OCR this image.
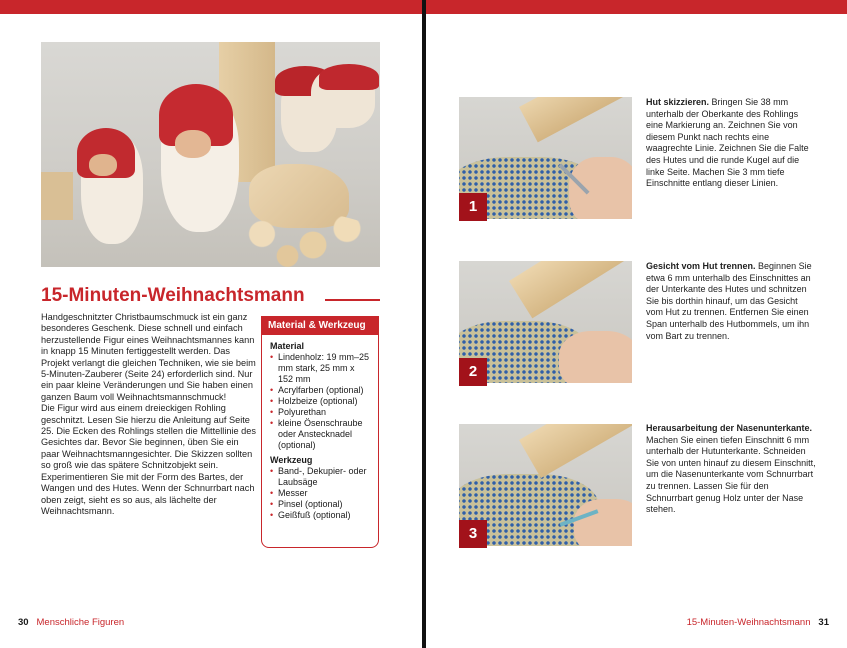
15-Minuten-Weihnachtsmann

Handgeschnitzter Christbaumschmuck ist ein ganz besonderes Geschenk. Diese schnell und einfach herzustellende Figur eines Weihnachtsmannes kann in knapp 15 Minuten fertiggestellt werden. Das Projekt verlangt die gleichen Techniken, wie sie beim 5-Minuten-Zauberer (Seite 24) erforderlich sind. Nur ein paar kleine Veränderungen und Sie haben einen ganzen Baum voll Weihnachtsmannschmuck!

Die Figur wird aus einem dreieckigen Rohling geschnitzt. Lesen Sie hierzu die Anleitung auf Seite 25. Die Ecken des Rohlings stellen die Mittellinie des Gesichtes dar. Bevor Sie beginnen, üben Sie ein paar Weihnachtsmanngesichter. Die Skizzen sollten so groß wie das spätere Schnitzobjekt sein. Experimentieren Sie mit der Form des Bartes, der Wangen und des Hutes. Wenn der Schnurrbart nach oben zeigt, sieht es so aus, als lächelte der Weihnachtsmann.

Material & Werkzeug
Material
• Lindenholz: 19 mm–25 mm stark, 25 mm x 152 mm
• Acrylfarben (optional)
• Holzbeize (optional)
• Polyurethan
• kleine Ösenschraube oder Anstecknadel (optional)
Werkzeug
• Band-, Dekupier- oder Laubsäge
• Messer
• Pinsel (optional)
• Geißfuß (optional)
30 Menschliche Figuren
1
Hut skizzieren. Bringen Sie 38 mm unterhalb der Oberkante des Rohlings eine Markierung an. Zeichnen Sie von diesem Punkt nach rechts eine waagrechte Linie. Zeichnen Sie die Falte des Hutes und die runde Kugel auf die linke Seite. Machen Sie 3 mm tiefe Einschnitte entlang dieser Linien.
2
Gesicht vom Hut trennen. Beginnen Sie etwa 6 mm unterhalb des Einschnittes an der Unterkante des Hutes und schnitzen Sie bis dorthin hinauf, um das Gesicht vom Hut zu trennen. Entfernen Sie einen Span unterhalb des Hutbommels, um ihn vom Bart zu trennen.
3
Herausarbeitung der Nasenunterkante. Machen Sie einen tiefen Einschnitt 6 mm unterhalb der Hutunterkante. Schneiden Sie von unten hinauf zu diesem Einschnitt, um die Nasenunterkante vom Schnurrbart zu trennen. Lassen Sie für den Schnurrbart genug Holz unter der Nase stehen.
15-Minuten-Weihnachtsmann 31
